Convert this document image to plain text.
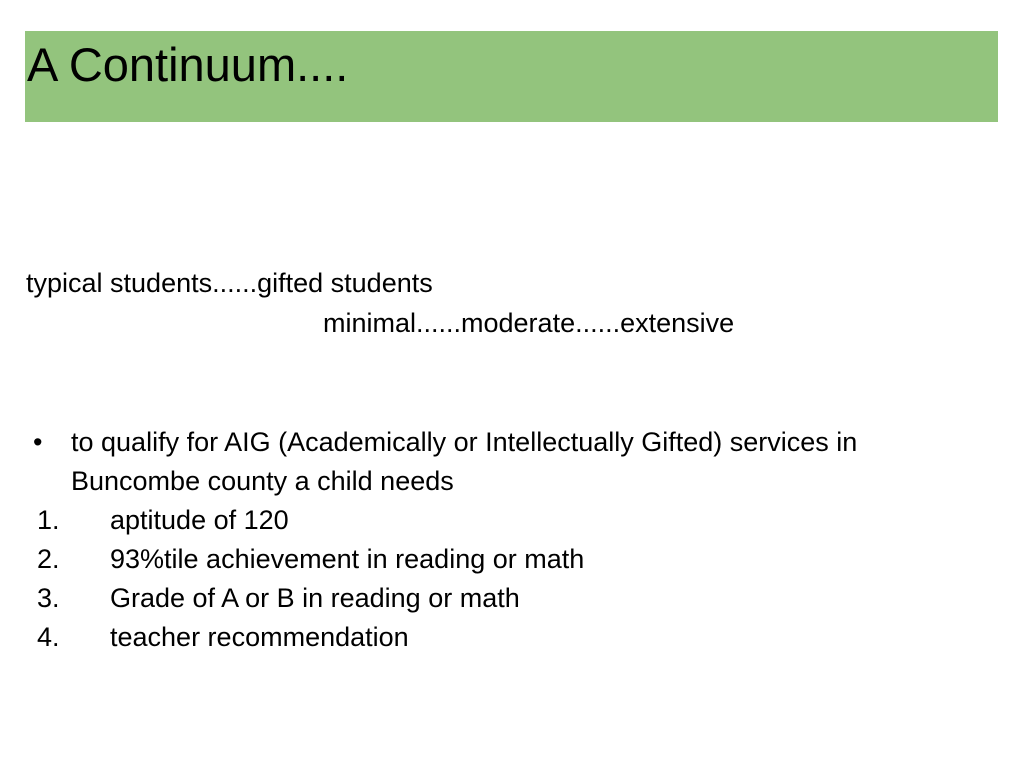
A Continuum....
typical students......gifted students
minimal......moderate......extensive
•	to qualify for AIG (Academically or Intellectually Gifted) services in Buncombe county a child needs
1.	aptitude of 120
2.	93%tile achievement in reading or math
3.	Grade of A or B in reading or math
4.	teacher recommendation
